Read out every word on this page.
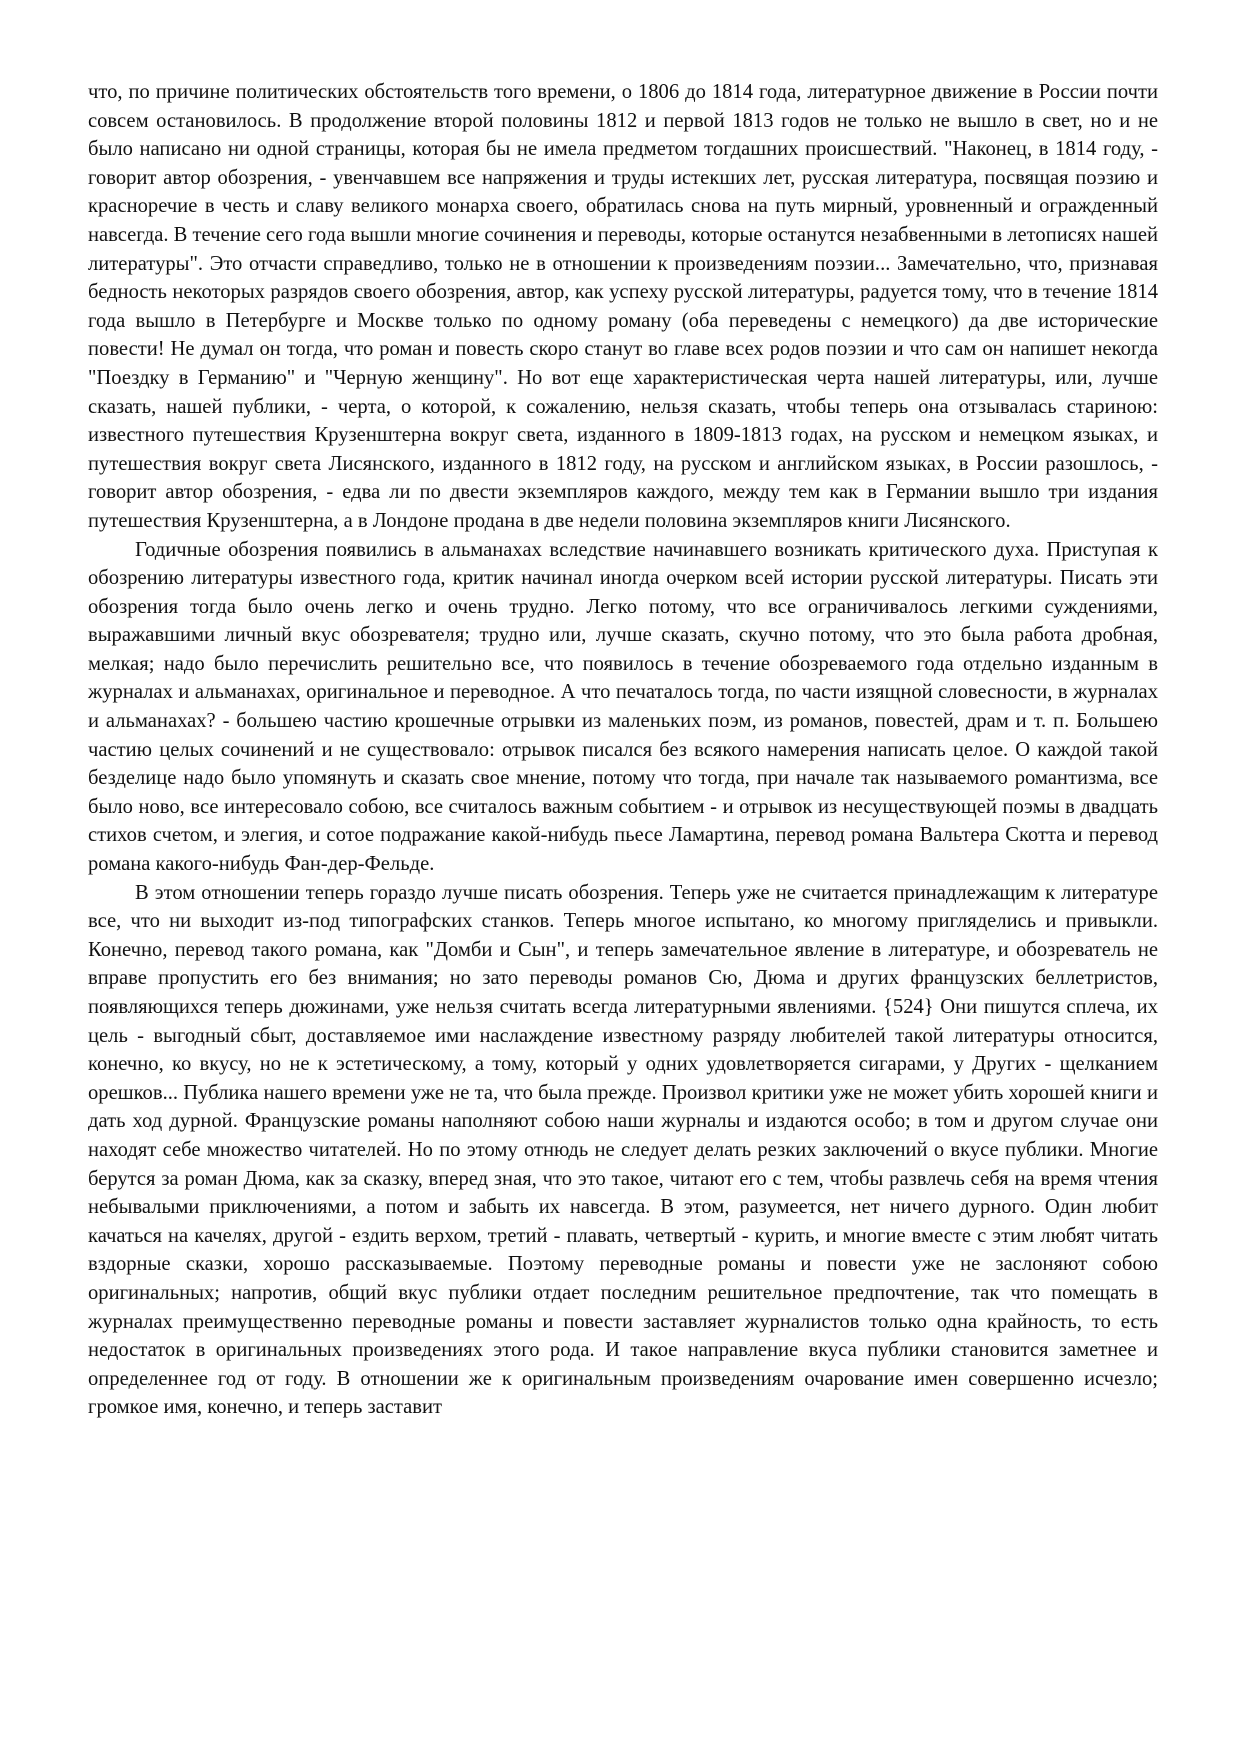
что, по причине политических обстоятельств того времени, о 1806 до 1814 года, литературное движение в России почти совсем остановилось. В продолжение второй половины 1812 и первой 1813 годов не только не вышло в свет, но и не было написано ни одной страницы, которая бы не имела предметом тогдашних происшествий. "Наконец, в 1814 году, - говорит автор обозрения, - увенчавшем все напряжения и труды истекших лет, русская литература, посвящая поэзию и красноречие в честь и славу великого монарха своего, обратилась снова на путь мирный, уровненный и огражденный навсегда. В течение сего года вышли многие сочинения и переводы, которые останутся незабвенными в летописях нашей литературы". Это отчасти справедливо, только не в отношении к произведениям поэзии... Замечательно, что, признавая бедность некоторых разрядов своего обозрения, автор, как успеху русской литературы, радуется тому, что в течение 1814 года вышло в Петербурге и Москве только по одному роману (оба переведены с немецкого) да две исторические повести! Не думал он тогда, что роман и повесть скоро станут во главе всех родов поэзии и что сам он напишет некогда "Поездку в Германию" и "Черную женщину". Но вот еще характеристическая черта нашей литературы, или, лучше сказать, нашей публики, - черта, о которой, к сожалению, нельзя сказать, чтобы теперь она отзывалась стариною: известного путешествия Крузенштерна вокруг света, изданного в 1809-1813 годах, на русском и немецком языках, и путешествия вокруг света Лисянского, изданного в 1812 году, на русском и английском языках, в России разошлось, - говорит автор обозрения, - едва ли по двести экземпляров каждого, между тем как в Германии вышло три издания путешествия Крузенштерна, а в Лондоне продана в две недели половина экземпляров книги Лисянского.

Годичные обозрения появились в альманахах вследствие начинавшего возникать критического духа. Приступая к обозрению литературы известного года, критик начинал иногда очерком всей истории русской литературы. Писать эти обозрения тогда было очень легко и очень трудно. Легко потому, что все ограничивалось легкими суждениями, выражавшими личный вкус обозревателя; трудно или, лучше сказать, скучно потому, что это была работа дробная, мелкая; надо было перечислить решительно все, что появилось в течение обозреваемого года отдельно изданным в журналах и альманахах, оригинальное и переводное. А что печаталось тогда, по части изящной словесности, в журналах и альманахах? - большею частию крошечные отрывки из маленьких поэм, из романов, повестей, драм и т. п. Большею частию целых сочинений и не существовало: отрывок писался без всякого намерения написать целое. О каждой такой безделице надо было упомянуть и сказать свое мнение, потому что тогда, при начале так называемого романтизма, все было ново, все интересовало собою, все считалось важным событием - и отрывок из несуществующей поэмы в двадцать стихов счетом, и элегия, и сотое подражание какой-нибудь пьесе Ламартина, перевод романа Вальтера Скотта и перевод романа какого-нибудь Фан-дер-Фельде.

В этом отношении теперь гораздо лучше писать обозрения. Теперь уже не считается принадлежащим к литературе все, что ни выходит из-под типографских станков. Теперь многое испытано, ко многому пригляделись и привыкли. Конечно, перевод такого романа, как "Домби и Сын", и теперь замечательное явление в литературе, и обозреватель не вправе пропустить его без внимания; но зато переводы романов Сю, Дюма и других французских беллетристов, появляющихся теперь дюжинами, уже нельзя считать всегда литературными явлениями. {524} Они пишутся сплеча, их цель - выгодный сбыт, доставляемое ими наслаждение известному разряду любителей такой литературы относится, конечно, ко вкусу, но не к эстетическому, а тому, который у одних удовлетворяется сигарами, у Других - щелканием орешков... Публика нашего времени уже не та, что была прежде. Произвол критики уже не может убить хорошей книги и дать ход дурной. Французские романы наполняют собою наши журналы и издаются особо; в том и другом случае они находят себе множество читателей. Но по этому отнюдь не следует делать резких заключений о вкусе публики. Многие берутся за роман Дюма, как за сказку, вперед зная, что это такое, читают его с тем, чтобы развлечь себя на время чтения небывалыми приключениями, а потом и забыть их навсегда. В этом, разумеется, нет ничего дурного. Один любит качаться на качелях, другой - ездить верхом, третий - плавать, четвертый - курить, и многие вместе с этим любят читать вздорные сказки, хорошо рассказываемые. Поэтому переводные романы и повести уже не заслоняют собою оригинальных; напротив, общий вкус публики отдает последним решительное предпочтение, так что помещать в журналах преимущественно переводные романы и повести заставляет журналистов только одна крайность, то есть недостаток в оригинальных произведениях этого рода. И такое направление вкуса публики становится заметнее и определеннее год от году. В отношении же к оригинальным произведениям очарование имен совершенно исчезло; громкое имя, конечно, и теперь заставит
